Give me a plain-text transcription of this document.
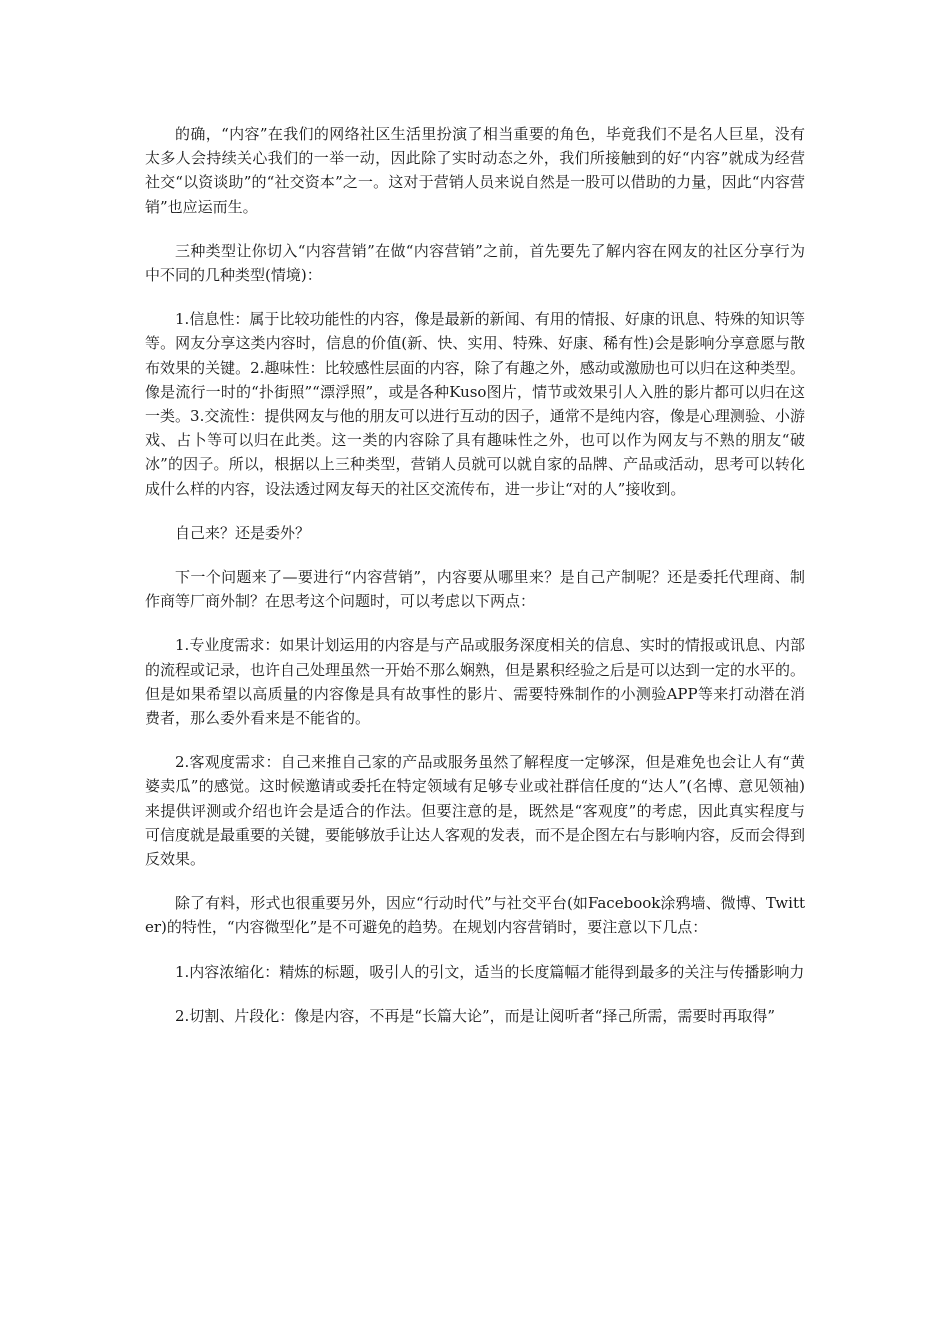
的确，“内容”在我们的网络社区生活里扮演了相当重要的角色，毕竟我们不是名人巨星，没有太多人会持续关心我们的一举一动，因此除了实时动态之外，我们所接触到的好“内容”就成为经营社交“以资谈助”的“社交资本”之一。这对于营销人员来说自然是一股可以借助的力量，因此“内容营销”也应运而生。

三种类型让你切入“内容营销”在做“内容营销”之前，首先要先了解内容在网友的社区分享行为中不同的几种类型(情境)：

1.信息性：属于比较功能性的内容，像是最新的新闻、有用的情报、好康的讯息、特殊的知识等等。网友分享这类内容时，信息的价值(新、快、实用、特殊、好康、稀有性)会是影响分享意愿与散布效果的关键。2.趣味性：比较感性层面的内容，除了有趣之外，感动或激励也可以归在这种类型。像是流行一时的“扑街照”“漂浮照”，或是各种Kuso图片，情节或效果引人入胜的影片都可以归在这一类。3.交流性：提供网友与他的朋友可以进行互动的因子，通常不是纯内容，像是心理测验、小游戏、占卜等可以归在此类。这一类的内容除了具有趣味性之外，也可以作为网友与不熟的朋友“破冰”的因子。所以，根据以上三种类型，营销人员就可以就自家的品牌、产品或活动，思考可以转化成什么样的内容，设法透过网友每天的社区交流传布，进一步让“对的人”接收到。

自己来？还是委外？

下一个问题来了—要进行“内容营销”，内容要从哪里来？是自己产制呢？还是委托代理商、制作商等厂商外制？在思考这个问题时，可以考虑以下两点：

1.专业度需求：如果计划运用的内容是与产品或服务深度相关的信息、实时的情报或讯息、内部的流程或记录，也许自己处理虽然一开始不那么娴熟，但是累积经验之后是可以达到一定的水平的。但是如果希望以高质量的内容像是具有故事性的影片、需要特殊制作的小测验APP等来打动潜在消费者，那么委外看来是不能省的。

2.客观度需求：自己来推自己家的产品或服务虽然了解程度一定够深，但是难免也会让人有“黄婆卖瓜”的感觉。这时候邀请或委托在特定领域有足够专业或社群信任度的“达人”(名博、意见领袖)来提供评测或介绍也许会是适合的作法。但要注意的是，既然是“客观度”的考虑，因此真实程度与可信度就是最重要的关键，要能够放手让达人客观的发表，而不是企图左右与影响内容，反而会得到反效果。

除了有料，形式也很重要另外，因应“行动时代”与社交平台(如Facebook涂鸦墙、微博、Twitter)的特性，“内容微型化”是不可避免的趋势。在规划内容营销时，要注意以下几点：

1.内容浓缩化：精炼的标题，吸引人的引文，适当的长度篇幅才能得到最多的关注与传播影响力

2.切割、片段化：像是内容，不再是“长篇大论”，而是让阅听者“择己所需，需要时再取得”
